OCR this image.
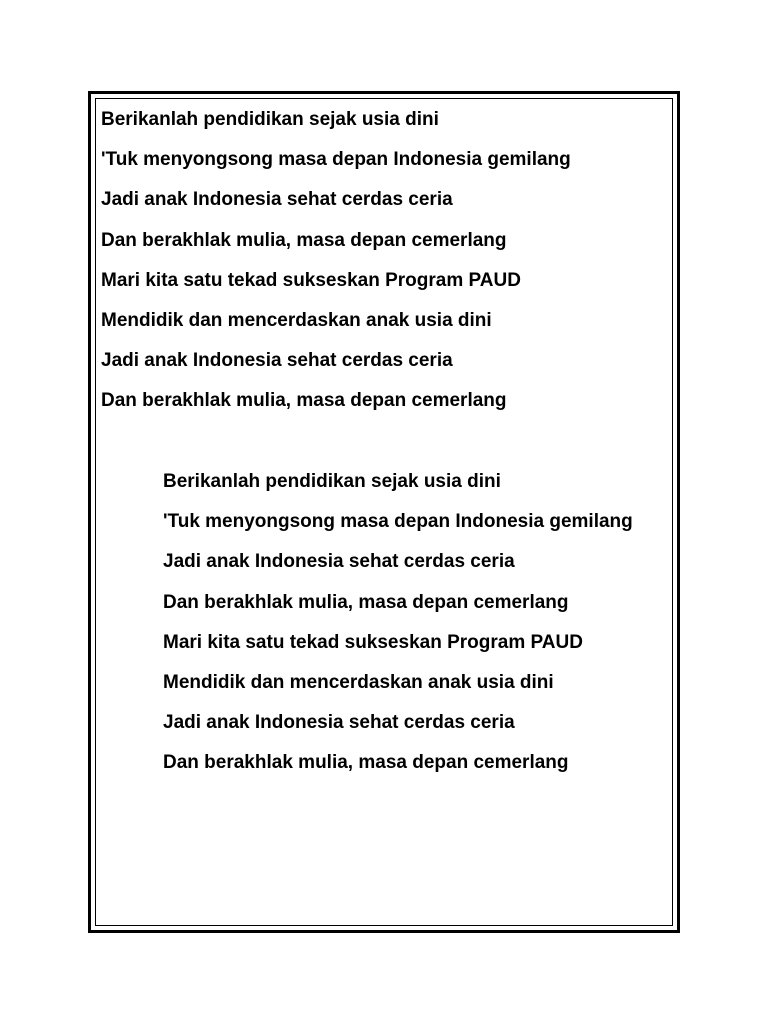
Berikanlah pendidikan sejak usia dini
'Tuk menyongsong masa depan Indonesia gemilang
Jadi anak Indonesia sehat cerdas ceria
Dan berakhlak mulia, masa depan cemerlang
Mari kita satu tekad sukseskan Program PAUD
Mendidik dan mencerdaskan anak usia dini
Jadi anak Indonesia sehat cerdas ceria
Dan berakhlak mulia, masa depan cemerlang
Berikanlah pendidikan sejak usia dini
'Tuk menyongsong masa depan Indonesia gemilang
Jadi anak Indonesia sehat cerdas ceria
Dan berakhlak mulia, masa depan cemerlang
Mari kita satu tekad sukseskan Program PAUD
Mendidik dan mencerdaskan anak usia dini
Jadi anak Indonesia sehat cerdas ceria
Dan berakhlak mulia, masa depan cemerlang
